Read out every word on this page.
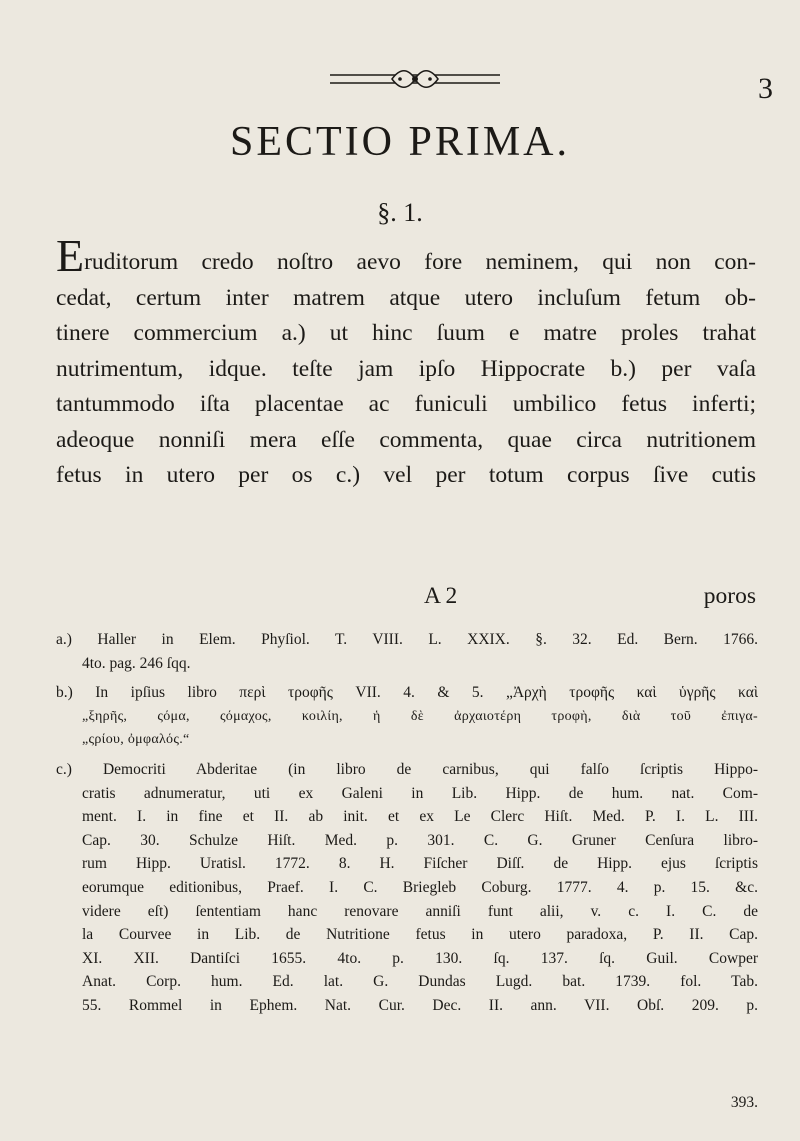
3
SECTIO PRIMA.
§. 1.

Eruditorum credo noſtro aevo fore neminem, qui non con-
cedat, certum inter matrem atque utero incluſum fetum ob-
tinere commercium a.) ut hinc ſuum e matre proles trahat
nutrimentum, idque. teſte jam ipſo Hippocrate b.) per vaſa
tantummodo iſta placentae ac funiculi umbilico fetus inferti;
adeoque nonniſi mera eſſe commenta, quae circa nutritionem
fetus in utero per os c.) vel per totum corpus ſive cutis

A 2	poros

a.) Haller in Elem. Phyſiol. T. VIII. L. XXIX. §. 32. Ed. Bern. 1766.
4to. pag. 246 ſqq.

b.) In ipſius libro περὶ τροφῆς VII. 4. & 5. „Ἀρχὴ τροφῆς καὶ ὑγρῆς καὶ
„ξηρῆς, ςόμα, ςόμαχος, κοιλίη, ἡ δὲ ἀρχαιοτέρη τροφὴ, διὰ τοῦ ἐπιγα-
„ςρίου, ὀμφαλός.“

c.) Democriti Abderitae (in libro de carnibus, qui falſo ſcriptis Hippo-
cratis adnumeratur, uti ex Galeni in Lib. Hipp. de hum. nat. Com-
ment. I. in fine et II. ab init. et ex Le Clerc Hiſt. Med. P. I. L. III.
Cap. 30. Schulze Hiſt. Med. p. 301. C. G. Gruner Cenſura libro-
rum Hipp. Uratisl. 1772. 8. H. Fiſcher Diſſ. de Hipp. ejus ſcriptis
eorumque editionibus, Praef. I. C. Briegleb Coburg. 1777. 4. p. 15. &c.
videre eſt) ſententiam hanc renovare anniſi funt alii, v. c. I. C. de
la Courvee in Lib. de Nutritione fetus in utero paradoxa, P. II. Cap.
XI. XII. Dantiſci 1655. 4to. p. 130. ſq. 137. ſq. Guil. Cowper
Anat. Corp. hum. Ed. lat. G. Dundas Lugd. bat. 1739. fol. Tab.
55. Rommel in Ephem. Nat. Cur. Dec. II. ann. VII. Obſ. 209. p.

393.
